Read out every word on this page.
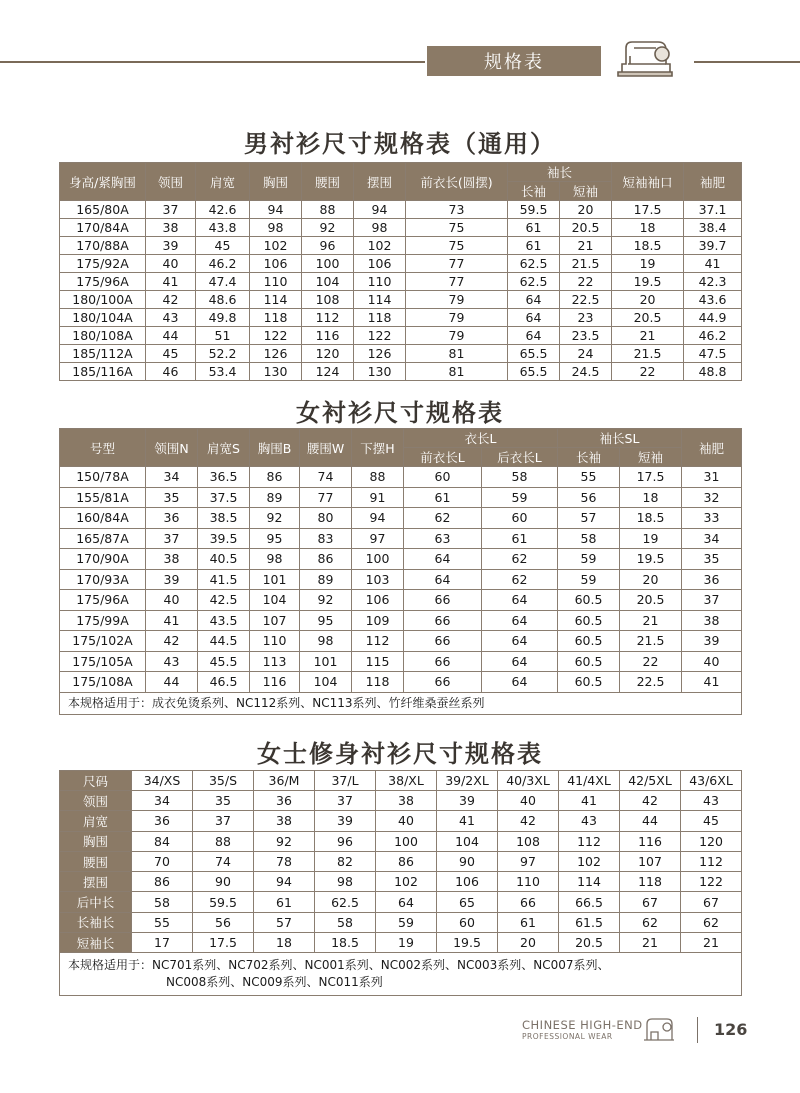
规格表
男衬衫尺寸规格表（通用）
身高/紧胸围	领围	肩宽	胸围	腰围	摆围	前衣长(圆摆)	袖长		短袖袖口	袖肥
							长袖	短袖		
165/80A	37	42.6	94	88	94	73	59.5	20	17.5	37.1
170/84A	38	43.8	98	92	98	75	61	20.5	18	38.4
170/88A	39	45	102	96	102	75	61	21	18.5	39.7
175/92A	40	46.2	106	100	106	77	62.5	21.5	19	41
175/96A	41	47.4	110	104	110	77	62.5	22	19.5	42.3
180/100A	42	48.6	114	108	114	79	64	22.5	20	43.6
180/104A	43	49.8	118	112	118	79	64	23	20.5	44.9
180/108A	44	51	122	116	122	79	64	23.5	21	46.2
185/112A	45	52.2	126	120	126	81	65.5	24	21.5	47.5
185/116A	46	53.4	130	124	130	81	65.5	24.5	22	48.8
女衬衫尺寸规格表
号型	领围N	肩宽S	胸围B	腰围W	下摆H	衣长L		袖长SL		袖肥
						前衣长L	后衣长L	长袖	短袖	
150/78A	34	36.5	86	74	88	60	58	55	17.5	31
155/81A	35	37.5	89	77	91	61	59	56	18	32
160/84A	36	38.5	92	80	94	62	60	57	18.5	33
165/87A	37	39.5	95	83	97	63	61	58	19	34
170/90A	38	40.5	98	86	100	64	62	59	19.5	35
170/93A	39	41.5	101	89	103	64	62	59	20	36
175/96A	40	42.5	104	92	106	66	64	60.5	20.5	37
175/99A	41	43.5	107	95	109	66	64	60.5	21	38
175/102A	42	44.5	110	98	112	66	64	60.5	21.5	39
175/105A	43	45.5	113	101	115	66	64	60.5	22	40
175/108A	44	46.5	116	104	118	66	64	60.5	22.5	41
本规格适用于：成衣免烫系列、NC112系列、NC113系列、竹纤维桑蚕丝系列										
女士修身衬衫尺寸规格表
尺码	34/XS	35/S	36/M	37/L	38/XL	39/2XL	40/3XL	41/4XL	42/5XL	43/6XL
领围	34	35	36	37	38	39	40	41	42	43
肩宽	36	37	38	39	40	41	42	43	44	45
胸围	84	88	92	96	100	104	108	112	116	120
腰围	70	74	78	82	86	90	97	102	107	112
摆围	86	90	94	98	102	106	110	114	118	122
后中长	58	59.5	61	62.5	64	65	66	66.5	67	67
长袖长	55	56	57	58	59	60	61	61.5	62	62
短袖长	17	17.5	18	18.5	19	19.5	20	20.5	21	21
本规格适用于：NC701系列、NC702系列、NC001系列、NC002系列、NC003系列、NC007系列、
NC008系列、NC009系列、NC011系列										
CHINESE HIGH-END
PROFESSIONAL WEAR	126
